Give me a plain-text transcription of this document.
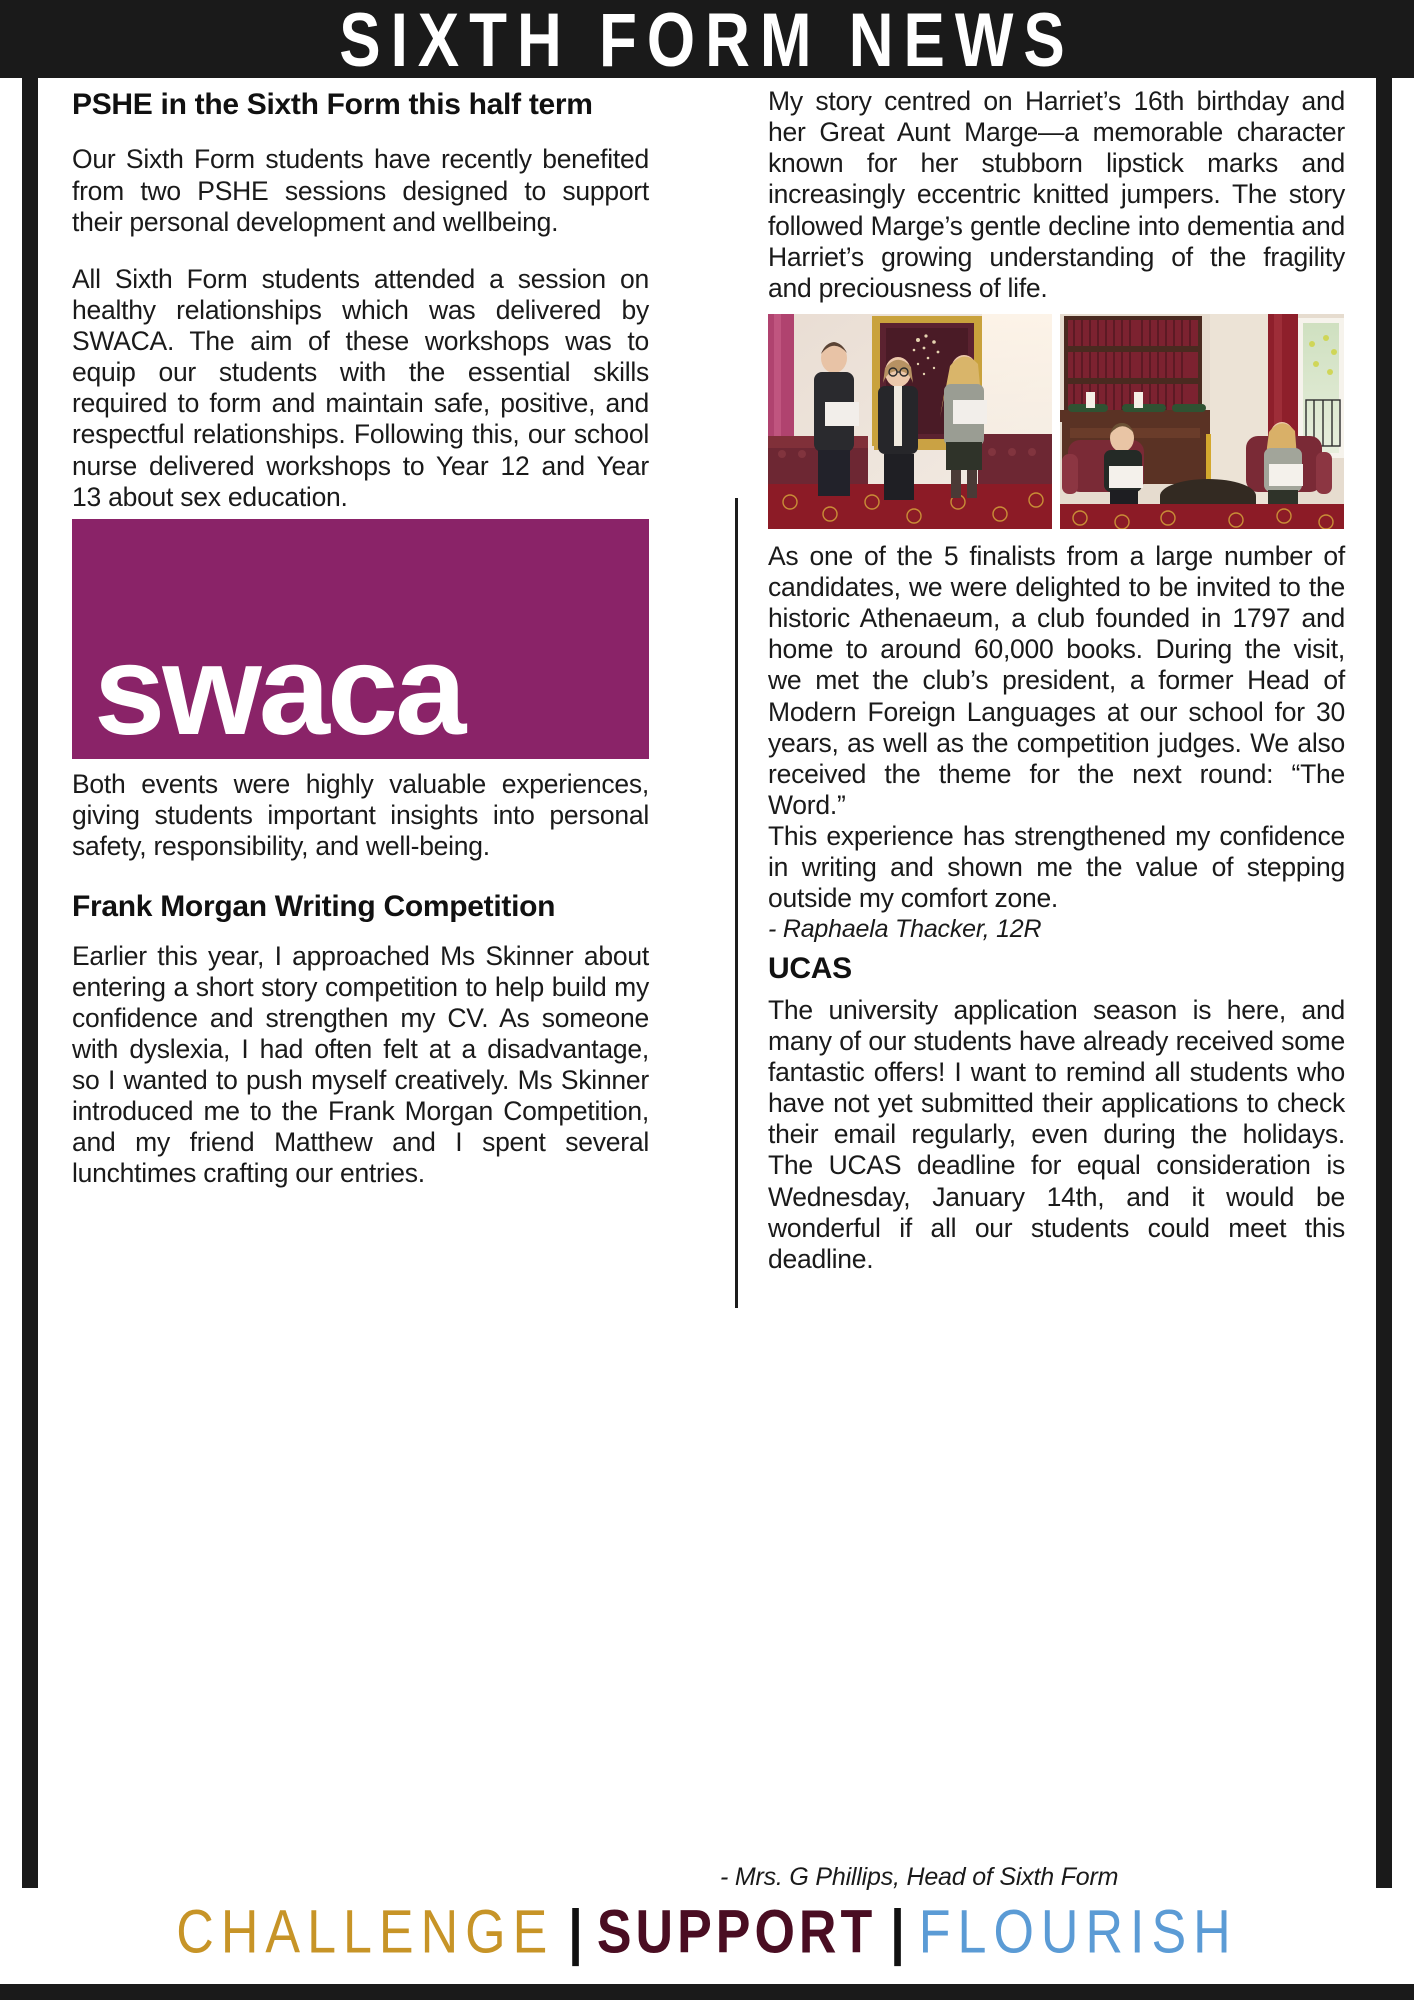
SIXTH FORM NEWS
PSHE in the Sixth Form this half term

Our Sixth Form students have recently benefited from two PSHE sessions designed to support their personal development and wellbeing.

All Sixth Form students attended a session on healthy relationships which was delivered by SWACA. The aim of these workshops was to equip our students with the essential skills required to form and maintain safe, positive, and respectful relationships. Following this, our school nurse delivered workshops to Year 12 and Year 13 about sex education.

swaca

Both events were highly valuable experiences, giving students important insights into personal safety, responsibility, and well-being.

Frank Morgan Writing Competition

Earlier this year, I approached Ms Skinner about entering a short story competition to help build my confidence and strengthen my CV. As someone with dyslexia, I had often felt at a disadvantage, so I wanted to push myself creatively. Ms Skinner introduced me to the Frank Morgan Competition, and my friend Matthew and I spent several lunchtimes crafting our entries.

My story centred on Harriet’s 16th birthday and her Great Aunt Marge—a memorable character known for her stubborn lipstick marks and increasingly eccentric knitted jumpers. The story followed Marge’s gentle decline into dementia and Harriet’s growing understanding of the fragility and preciousness of life.

As one of the 5 finalists from a large number of candidates, we were delighted to be invited to the historic Athenaeum, a club founded in 1797 and home to around 60,000 books. During the visit, we met the club’s president, a former Head of Modern Foreign Languages at our school for 30 years, as well as the competition judges. We also received the theme for the next round: “The Word.”

This experience has strengthened my confidence in writing and shown me the value of stepping outside my comfort zone.

- Raphaela Thacker, 12R

UCAS

The university application season is here, and many of our students have already received some fantastic offers! I want to remind all students who have not yet submitted their applications to check their email regularly, even during the holidays. The UCAS deadline for equal consideration is Wednesday, January 14th, and it would be wonderful if all our students could meet this deadline.

- Mrs. G Phillips, Head of Sixth Form
CHALLENGE | SUPPORT | FLOURISH
